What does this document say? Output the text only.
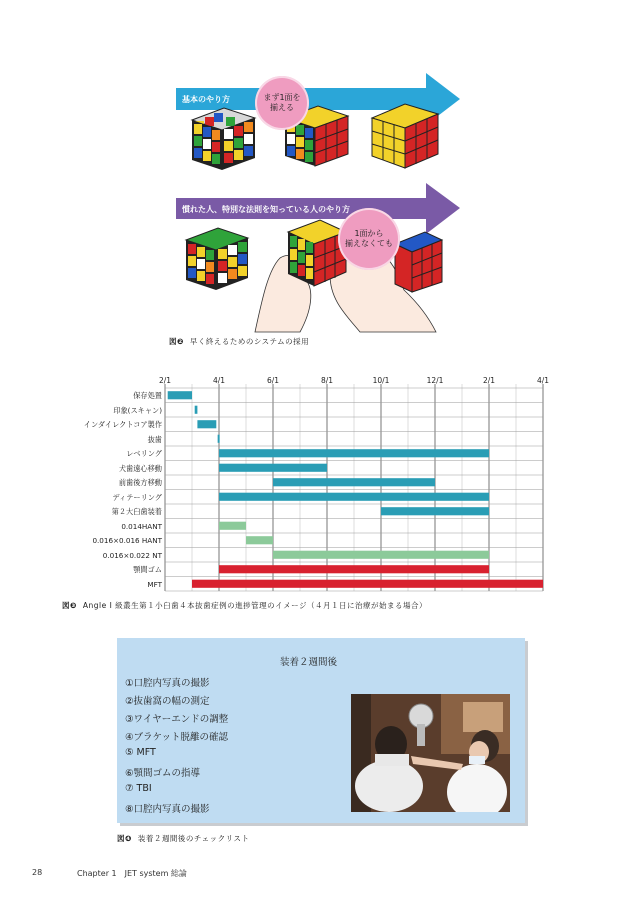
基本のやり方
慣れた人、特別な法則を知っている人のやり方
まず1面を
揃える
1面から
揃えなくても
図❷ 早く終えるためのシステムの採用
2/1	4/1	6/1	8/1	10/1	12/1	2/1	4/1
保存処置
印象(スキャン)
インダイレクトコア製作
抜歯
レベリング
犬歯遠心移動
前歯後方移動
ディテーリング
第２大臼歯装着
0.014HANT
0.016×0.016 HANT
0.016×0.022 NT
顎間ゴム
MFT
図❸ Angle Ⅰ 級叢生第１小臼歯４本抜歯症例の進捗管理のイメージ（４月１日に治療が始まる場合）
装着２週間後
①口腔内写真の撮影
②抜歯窩の幅の測定
③ワイヤーエンドの調整
④ブラケット脱離の確認
⑤ MFT
⑥顎間ゴムの指導
⑦ TBI
⑧口腔内写真の撮影
図❹ 装着２週間後のチェックリスト
28	Chapter 1　JET system 総論
